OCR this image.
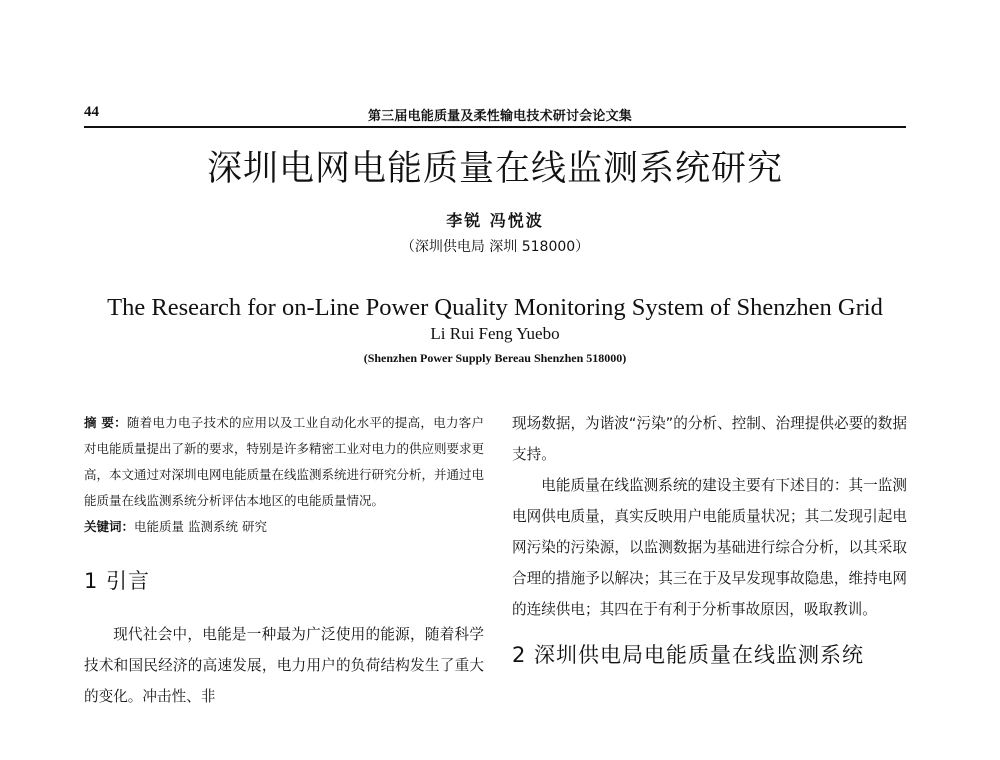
44	第三届电能质量及柔性输电技术研讨会论文集
深圳电网电能质量在线监测系统研究
李锐 冯悦波
（深圳供电局 深圳 518000）
The Research for on-Line Power Quality Monitoring System of Shenzhen Grid
Li Rui Feng Yuebo
(Shenzhen Power Supply Bereau Shenzhen 518000)

摘 要：随着电力电子技术的应用以及工业自动化水平的提高，电力客户对电能质量提出了新的要求，特别是许多精密工业对电力的供应则要求更高，本文通过对深圳电网电能质量在线监测系统进行研究分析，并通过电能质量在线监测系统分析评估本地区的电能质量情况。

关键词：电能质量 监测系统 研究

1 引言

现代社会中，电能是一种最为广泛使用的能源，随着科学技术和国民经济的高速发展，电力用户的负荷结构发生了重大的变化。冲击性、非

现场数据，为谐波“污染”的分析、控制、治理提供必要的数据支持。

电能质量在线监测系统的建设主要有下述目的：其一监测电网供电质量，真实反映用户电能质量状况；其二发现引起电网污染的污染源，以监测数据为基础进行综合分析，以其采取合理的措施予以解决；其三在于及早发现事故隐患，维持电网的连续供电；其四在于有利于分析事故原因，吸取教训。

2 深圳供电局电能质量在线监测系统
